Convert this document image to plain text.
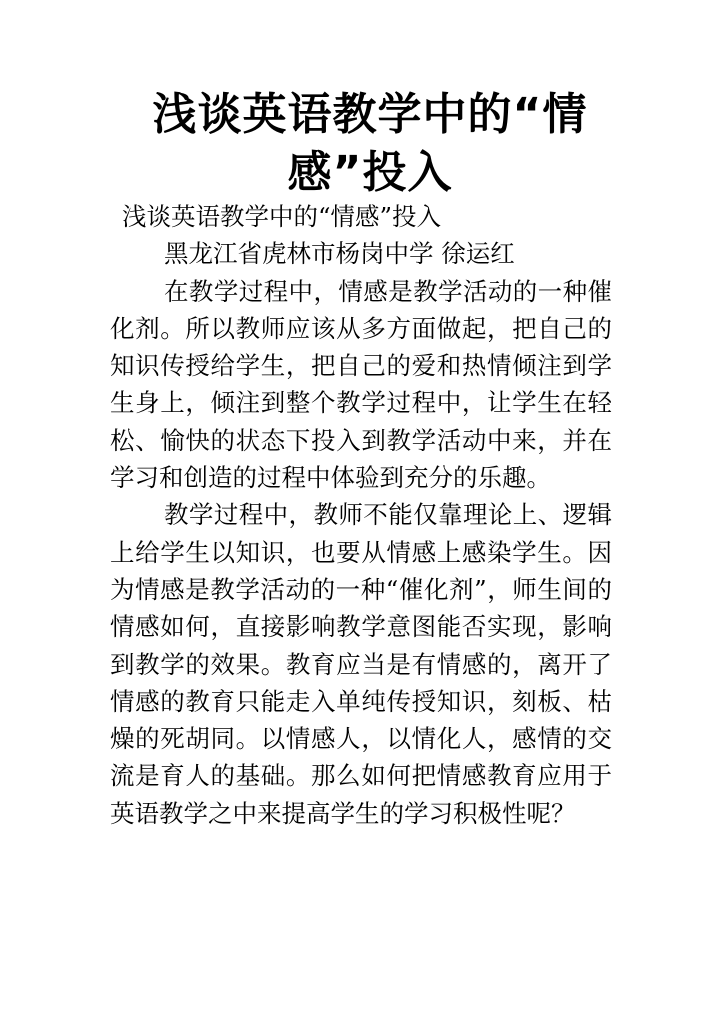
浅谈英语教学中的“情感”投入

浅谈英语教学中的“情感”投入

黑龙江省虎林市杨岗中学 徐运红

在教学过程中，情感是教学活动的一种催化剂。所以教师应该从多方面做起，把自己的知识传授给学生，把自己的爱和热情倾注到学生身上，倾注到整个教学过程中，让学生在轻松、愉快的状态下投入到教学活动中来，并在学习和创造的过程中体验到充分的乐趣。

教学过程中，教师不能仅靠理论上、逻辑上给学生以知识，也要从情感上感染学生。因为情感是教学活动的一种“催化剂”，师生间的情感如何，直接影响教学意图能否实现，影响到教学的效果。教育应当是有情感的，离开了情感的教育只能走入单纯传授知识，刻板、枯燥的死胡同。以情感人，以情化人，感情的交流是育人的基础。那么如何把情感教育应用于英语教学之中来提高学生的学习积极性呢？
